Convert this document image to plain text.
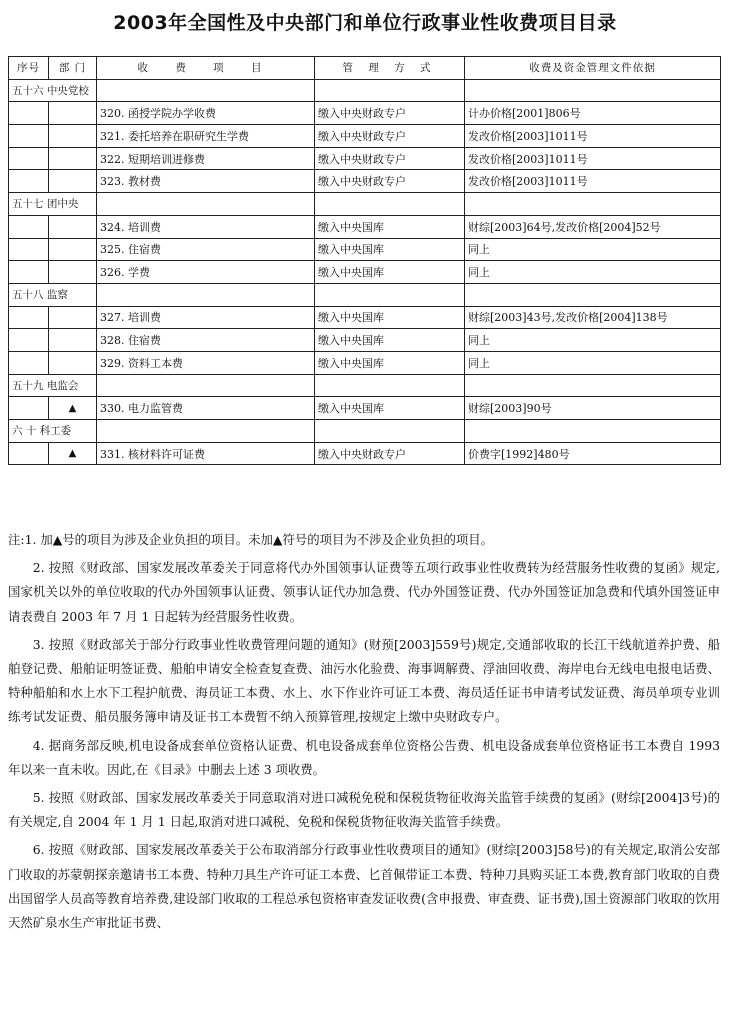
2003年全国性及中央部门和单位行政事业性收费项目目录
序号	部 门	收 费 项 目	管 理 方 式	收费及资金管理文件依据
五十六 中央党校				
		320. 函授学院办学收费	缴入中央财政专户	计办价格[2001]806号
		321. 委托培养在职研究生学费	缴入中央财政专户	发改价格[2003]1011号
		322. 短期培训进修费	缴入中央财政专户	发改价格[2003]1011号
		323. 教材费	缴入中央财政专户	发改价格[2003]1011号
五十七 团中央				
		324. 培训费	缴入中央国库	财综[2003]64号,发改价格[2004]52号
		325. 住宿费	缴入中央国库	同上
		326. 学费	缴入中央国库	同上
五十八 监察				
		327. 培训费	缴入中央国库	财综[2003]43号,发改价格[2004]138号
		328. 住宿费	缴入中央国库	同上
		329. 资料工本费	缴入中央国库	同上
五十九 电监会				
	▲	330. 电力监管费	缴入中央国库	财综[2003]90号
六 十 科工委				
	▲	331. 核材料许可证费	缴入中央财政专户	价费字[1992]480号

注:1. 加▲号的项目为涉及企业负担的项目。未加▲符号的项目为不涉及企业负担的项目。

2. 按照《财政部、国家发展改革委关于同意将代办外国领事认证费等五项行政事业性收费转为经营服务性收费的复函》规定,国家机关以外的单位收取的代办外国领事认证费、领事认证代办加急费、代办外国签证费、代办外国签证加急费和代填外国签证申请表费自 2003 年 7 月 1 日起转为经营服务性收费。

3. 按照《财政部关于部分行政事业性收费管理问题的通知》(财预[2003]559号)规定,交通部收取的长江干线航道养护费、船舶登记费、船舶证明签证费、船舶申请安全检查复查费、油污水化验费、海事调解费、浮油回收费、海岸电台无线电电报电话费、特种船舶和水上水下工程护航费、海员证工本费、水上、水下作业许可证工本费、海员适任证书申请考试发证费、海员单项专业训练考试发证费、船员服务簿申请及证书工本费暂不纳入预算管理,按规定上缴中央财政专户。

4. 据商务部反映,机电设备成套单位资格认证费、机电设备成套单位资格公告费、机电设备成套单位资格证书工本费自 1993 年以来一直未收。因此,在《目录》中删去上述 3 项收费。

5. 按照《财政部、国家发展改革委关于同意取消对进口减税免税和保税货物征收海关监管手续费的复函》(财综[2004]3号)的有关规定,自 2004 年 1 月 1 日起,取消对进口减税、免税和保税货物征收海关监管手续费。

6. 按照《财政部、国家发展改革委关于公布取消部分行政事业性收费项目的通知》(财综[2003]58号)的有关规定,取消公安部门收取的苏蒙朝探亲邀请书工本费、特种刀具生产许可证工本费、匕首佩带证工本费、特种刀具购买证工本费,教育部门收取的自费出国留学人员高等教育培养费,建设部门收取的工程总承包资格审查发证收费(含申报费、审查费、证书费),国土资源部门收取的饮用天然矿泉水生产审批证书费、
